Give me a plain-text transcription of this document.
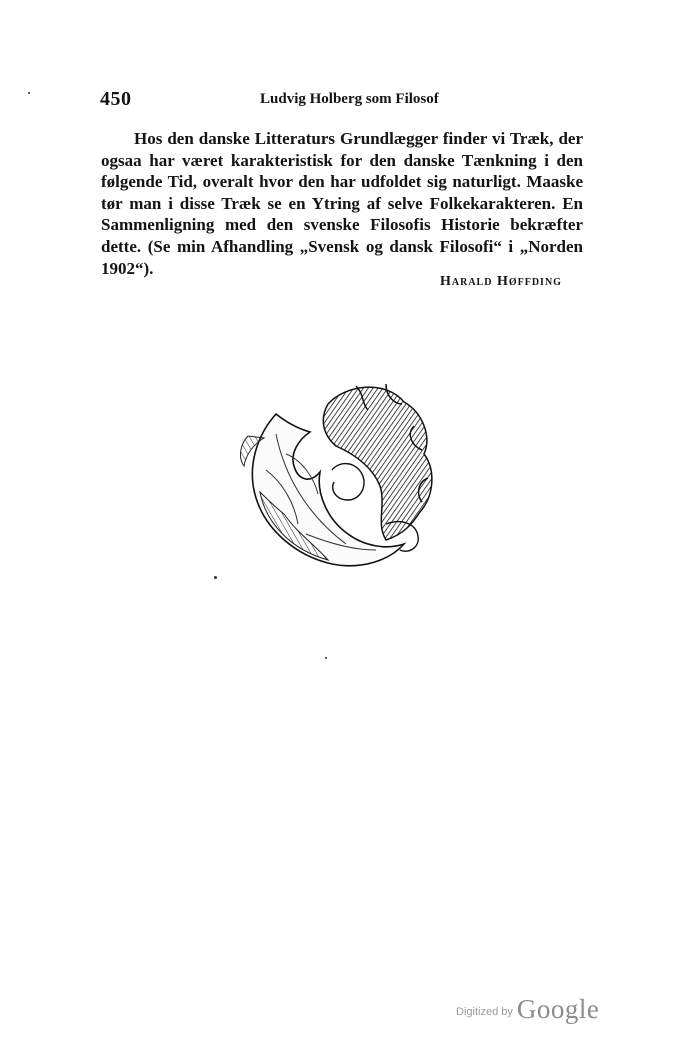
450	Ludvig Holberg som Filosof

Hos den danske Litteraturs Grundlægger finder vi Træk, der
ogsaa har været karakteristisk for den danske Tænkning i den
følgende Tid, overalt hvor den har udfoldet sig naturligt. Maaske
tør man i disse Træk se en Ytring af selve Folkekarakteren. En
Sammenligning med den svenske Filosofis Historie bekræfter
dette. (Se min Afhandling „Svensk og dansk Filosofi“ i „Norden
1902“).

Harald Høffding
Digitized by Google
